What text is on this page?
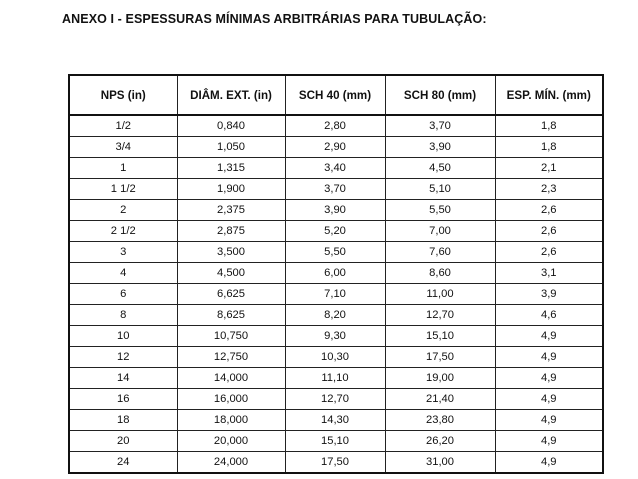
ANEXO I - ESPESSURAS MÍNIMAS ARBITRÁRIAS PARA TUBULAÇÃO:
NPS (in)	DIÂM. EXT. (in)	SCH 40 (mm)	SCH 80 (mm)	ESP. MÍN. (mm)
1/2	0,840	2,80	3,70	1,8
3/4	1,050	2,90	3,90	1,8
1	1,315	3,40	4,50	2,1
1 1/2	1,900	3,70	5,10	2,3
2	2,375	3,90	5,50	2,6
2 1/2	2,875	5,20	7,00	2,6
3	3,500	5,50	7,60	2,6
4	4,500	6,00	8,60	3,1
6	6,625	7,10	11,00	3,9
8	8,625	8,20	12,70	4,6
10	10,750	9,30	15,10	4,9
12	12,750	10,30	17,50	4,9
14	14,000	11,10	19,00	4,9
16	16,000	12,70	21,40	4,9
18	18,000	14,30	23,80	4,9
20	20,000	15,10	26,20	4,9
24	24,000	17,50	31,00	4,9
